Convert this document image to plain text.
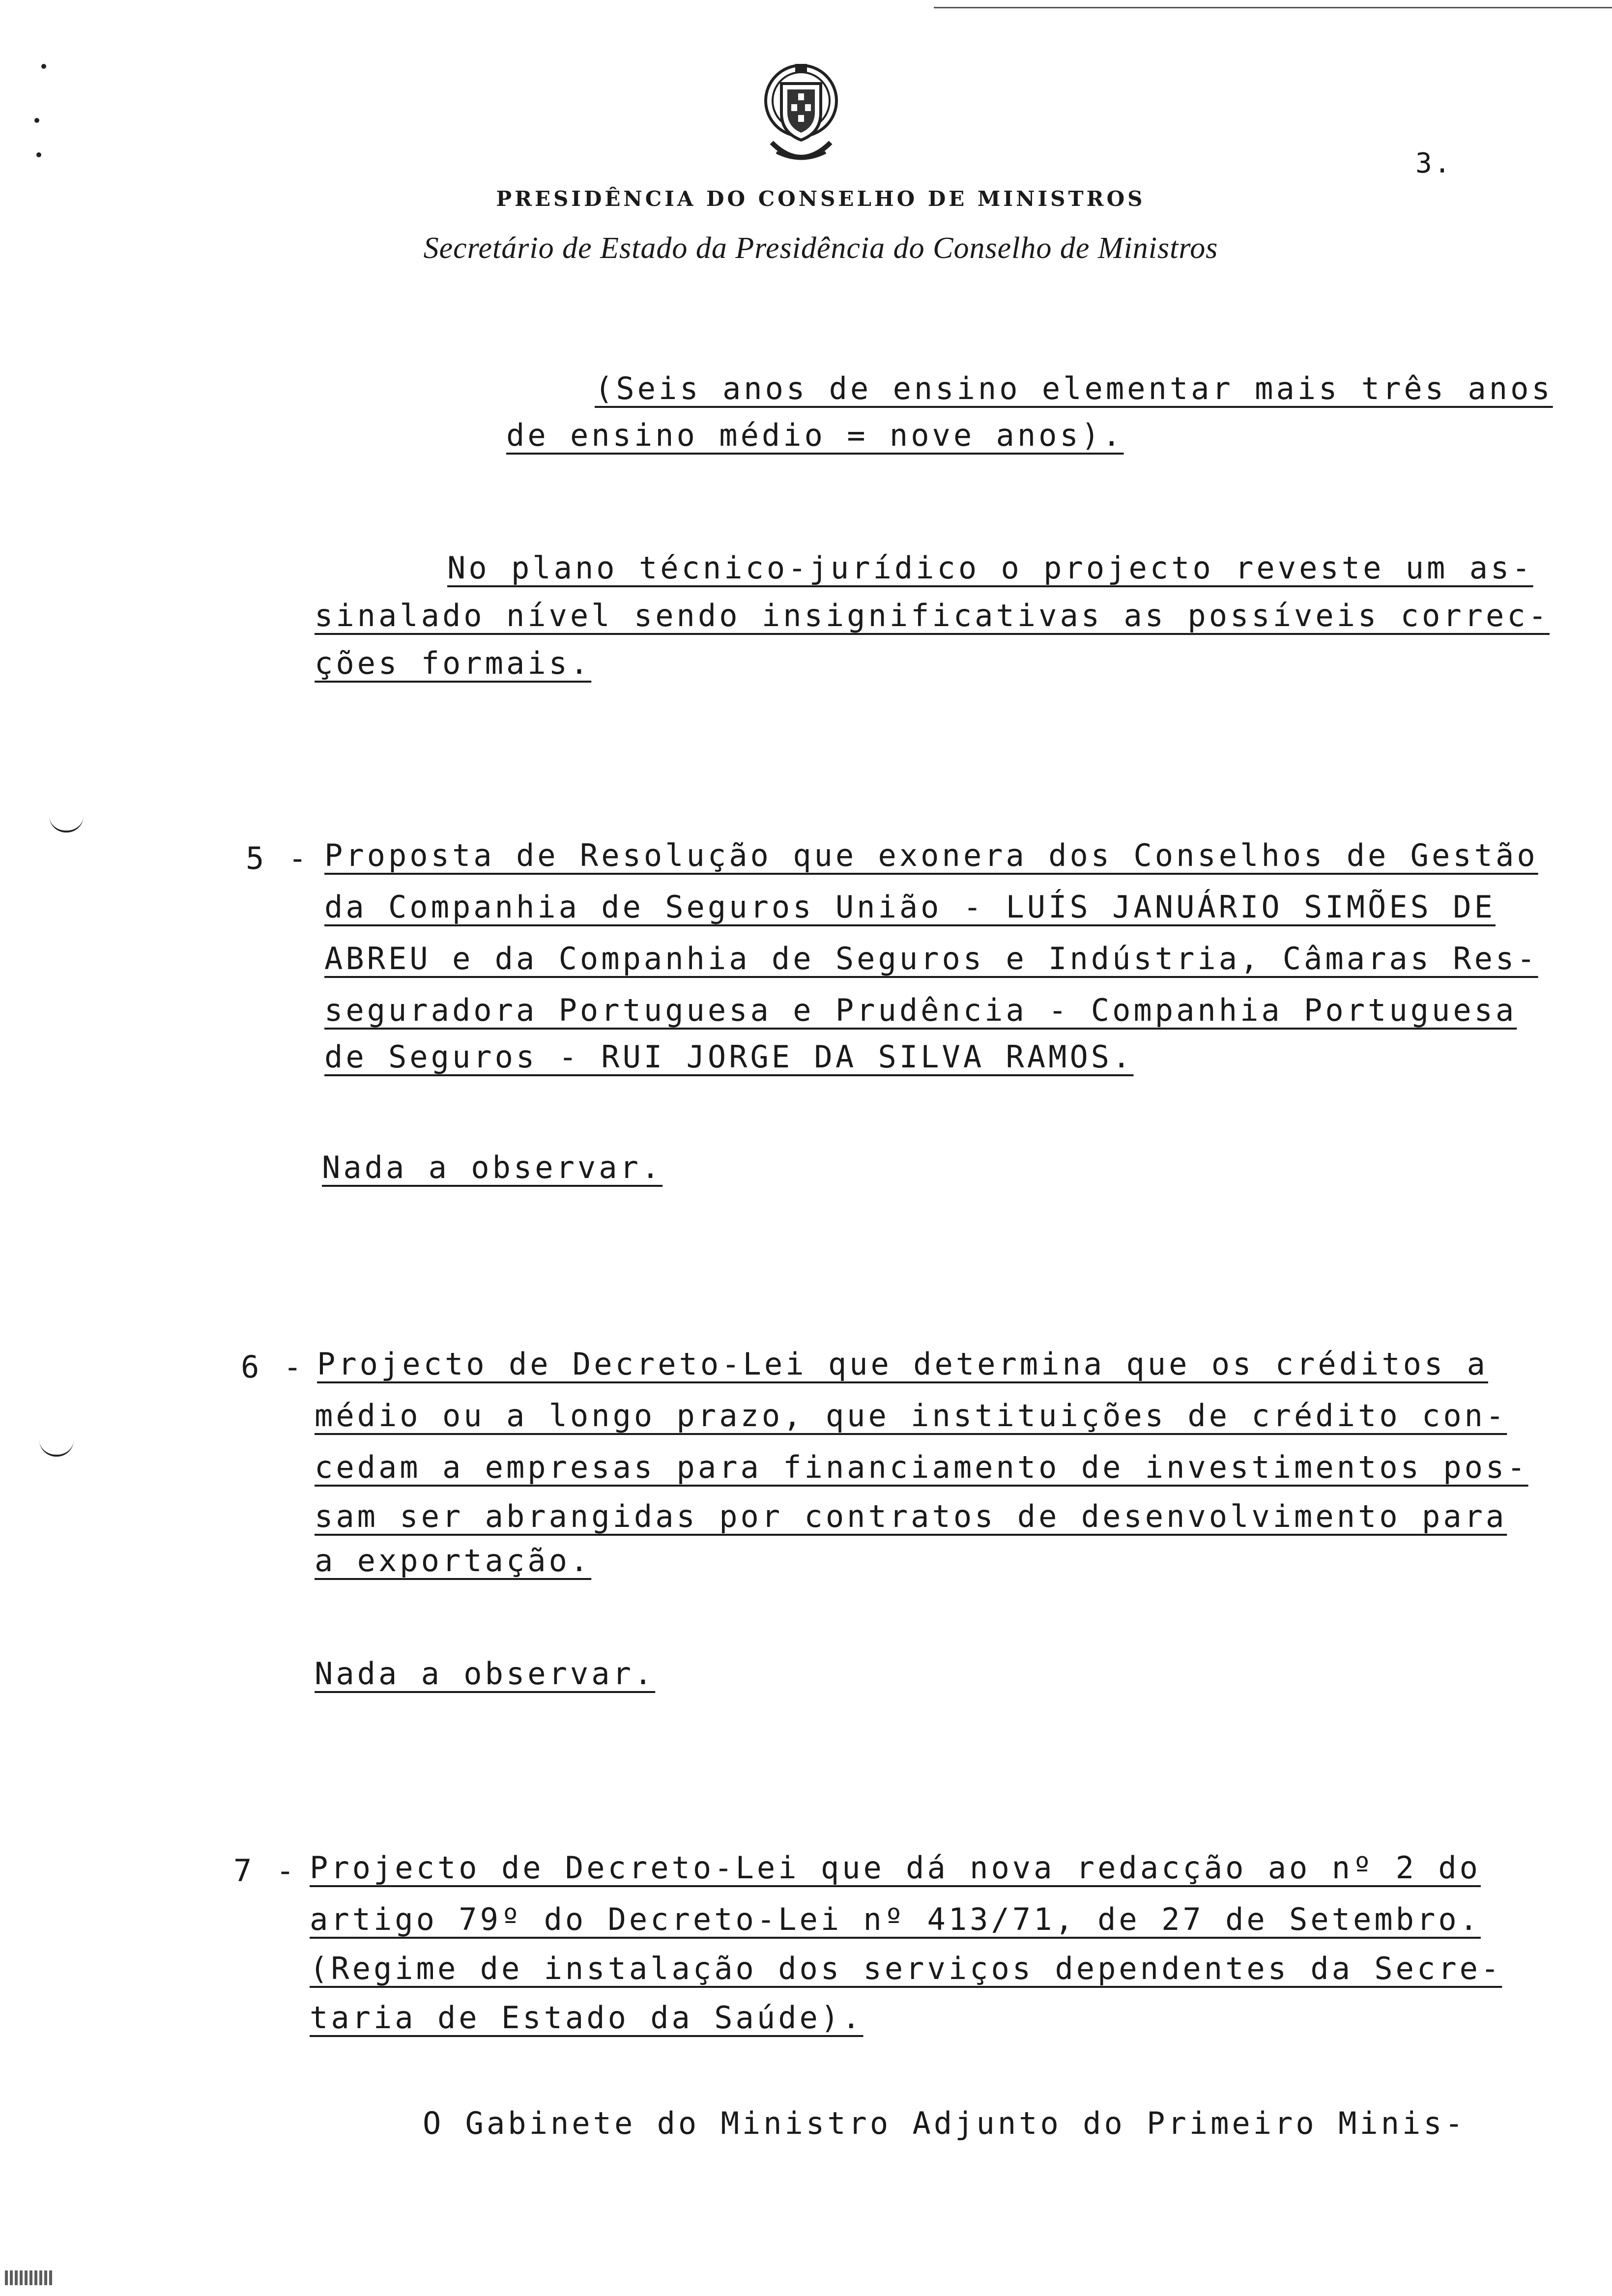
3.
PRESIDÊNCIA DO CONSELHO DE MINISTROS
Secretário de Estado da Presidência do Conselho de Ministros
(Seis anos de ensino elementar mais três anos
de ensino médio = nove anos).
No plano técnico-jurídico o projecto reveste um as-
sinalado nível sendo insignificativas as possíveis correc-
ções formais.
5 - Proposta de Resolução que exonera dos Conselhos de Gestão
da Companhia de Seguros União - LUÍS JANUÁRIO SIMÕES DE
ABREU e da Companhia de Seguros e Indústria, Câmaras Res-
seguradora Portuguesa e Prudência - Companhia Portuguesa
de Seguros - RUI JORGE DA SILVA RAMOS.
Nada a observar.
6 - Projecto de Decreto-Lei que determina que os créditos a
médio ou a longo prazo, que instituições de crédito con-
cedam a empresas para financiamento de investimentos pos-
sam ser abrangidas por contratos de desenvolvimento para
a exportação.
Nada a observar.
7 - Projecto de Decreto-Lei que dá nova redacção ao nº 2 do
artigo 79º do Decreto-Lei nº 413/71, de 27 de Setembro.
(Regime de instalação dos serviços dependentes da Secre-
taria de Estado da Saúde).
O Gabinete do Ministro Adjunto do Primeiro Minis-
